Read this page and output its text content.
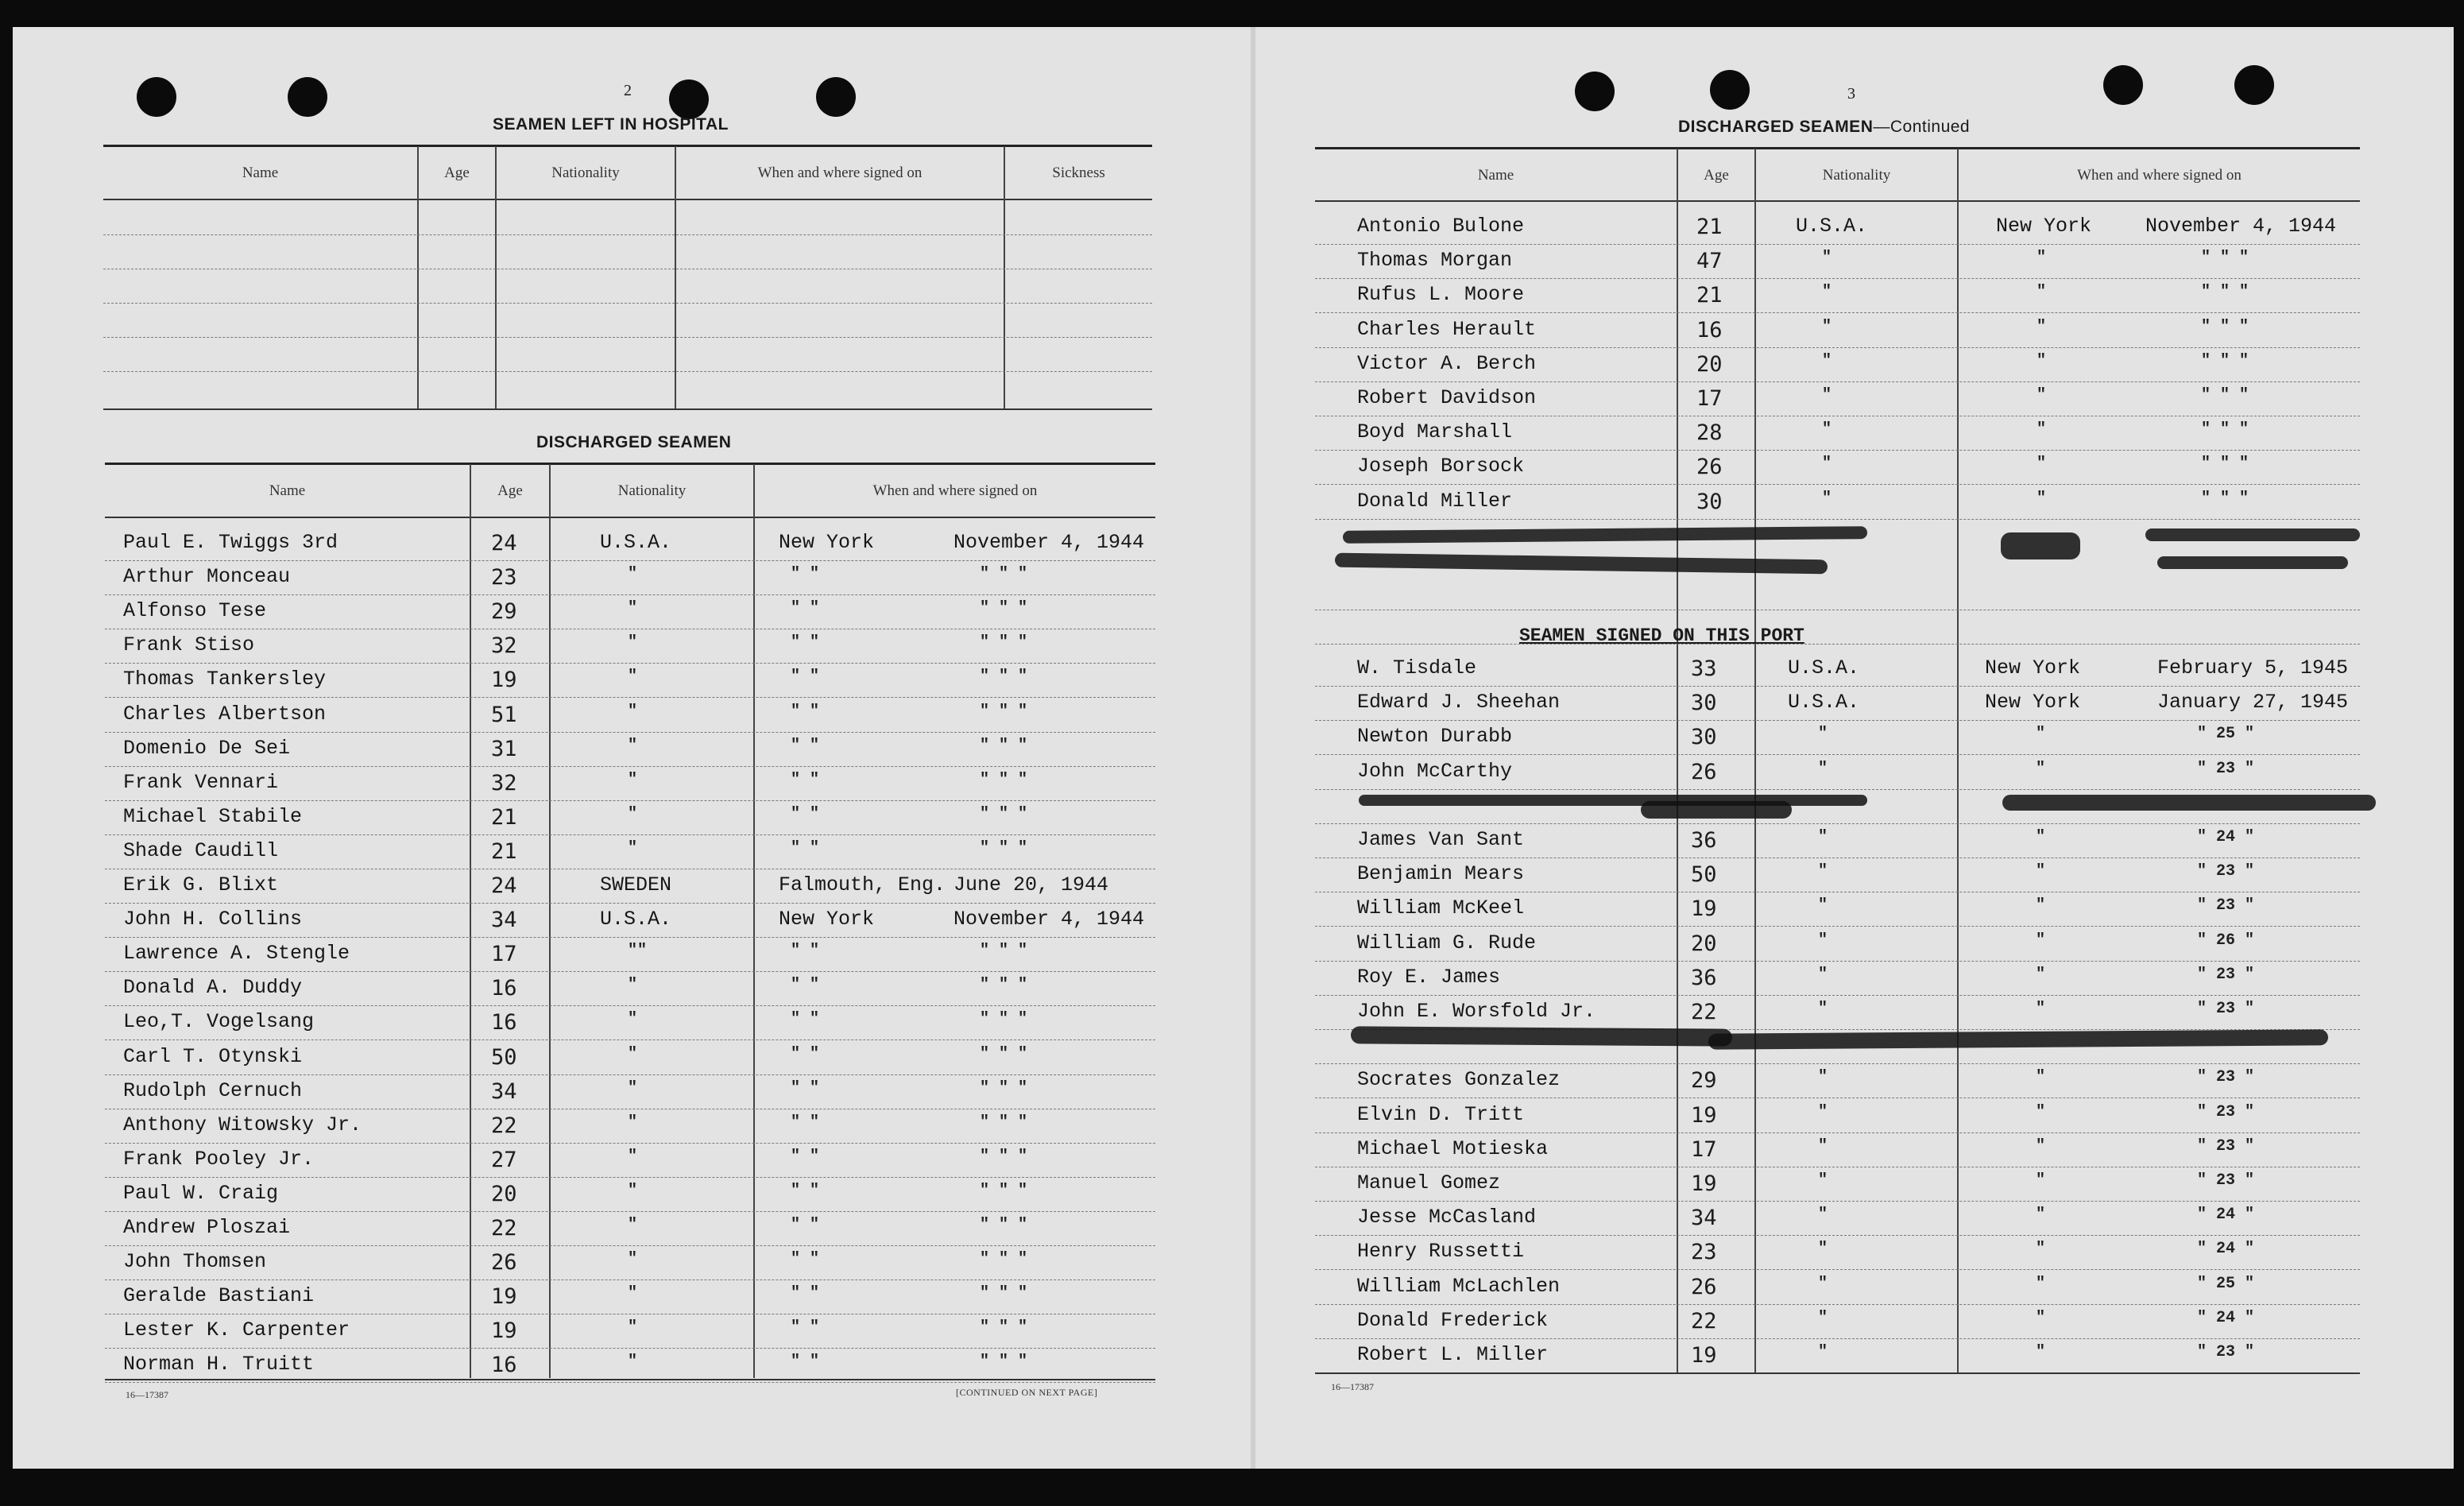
2
SEAMEN LEFT IN HOSPITAL
Name	Age	Nationality	When and where signed on	Sickness
DISCHARGED SEAMEN
Name	Age	Nationality	When and where signed on
Paul E. Twiggs 3rd	24	U.S.A.	New York	November 4, 1944
Arthur Monceau	23	"	" "	" " "
Alfonso Tese	29	"	" "	" " "
Frank Stiso	32	"	" "	" " "
Thomas Tankersley	19	"	" "	" " "
Charles Albertson	51	"	" "	" " "
Domenio De Sei	31	"	" "	" " "
Frank Vennari	32	"	" "	" " "
Michael Stabile	21	"	" "	" " "
Shade Caudill	21	"	" "	" " "
Erik G. Blixt	24	SWEDEN	Falmouth, Eng. June 20, 1944
John H. Collins	34	U.S.A.	New York	November 4, 1944
Lawrence A. Stengle	17	""	" "	" " "
Donald A. Duddy	16	"	" "	" " "
Leo,T. Vogelsang	16	"	" "	" " "
Carl T. Otynski	50	"	" "	" " "
Rudolph Cernuch	34	"	" "	" " "
Anthony Witowsky Jr.	22	"	" "	" " "
Frank Pooley Jr.	27	"	" "	" " "
Paul W. Craig	20	"	" "	" " "
Andrew Ploszai	22	"	" "	" " "
John Thomsen	26	"	" "	" " "
Geralde Bastiani	19	"	" "	" " "
Lester K. Carpenter	19	"	" "	" " "
Norman H. Truitt	16	"	" "	" " "
16—17387	[CONTINUED ON NEXT PAGE]
3
DISCHARGED SEAMEN—Continued
Name	Age	Nationality	When and where signed on
Antonio Bulone	21	U.S.A.	New York	November 4, 1944
Thomas Morgan	47	"	"	" " "
Rufus L. Moore	21	"	"	" " "
Charles Herault	16	"	"	" " "
Victor A. Berch	20	"	"	" " "
Robert Davidson	17	"	"	" " "
Boyd Marshall	28	"	"	" " "
Joseph Borsock	26	"	"	" " "
Donald Miller	30	"	"	" " "
W. Tisdale	33	U.S.A.	New York	February 5, 1945
Edward J. Sheehan	30	U.S.A.	New York	January 27, 1945
Newton Durabb	30	"	"	" 25 "
John McCarthy	26	"	"	" 23 "
James Van Sant	36	"	"	" 24 "
Benjamin Mears	50	"	"	" 23 "
William McKeel	19	"	"	" 23 "
William G. Rude	20	"	"	" 26 "
Roy E. James	36	"	"	" 23 "
John E. Worsfold Jr.	22	"	"	" 23 "
Socrates Gonzalez	29	"	"	" 23 "
Elvin D. Tritt	19	"	"	" 23 "
Michael Motieska	17	"	"	" 23 "
Manuel Gomez	19	"	"	" 23 "
Jesse McCasland	34	"	"	" 24 "
Henry Russetti	23	"	"	" 24 "
William McLachlen	26	"	"	" 25 "
Donald Frederick	22	"	"	" 24 "
Robert L. Miller	19	"	"	" 23 "
SEAMEN SIGNED ON THIS PORT
16—17387
